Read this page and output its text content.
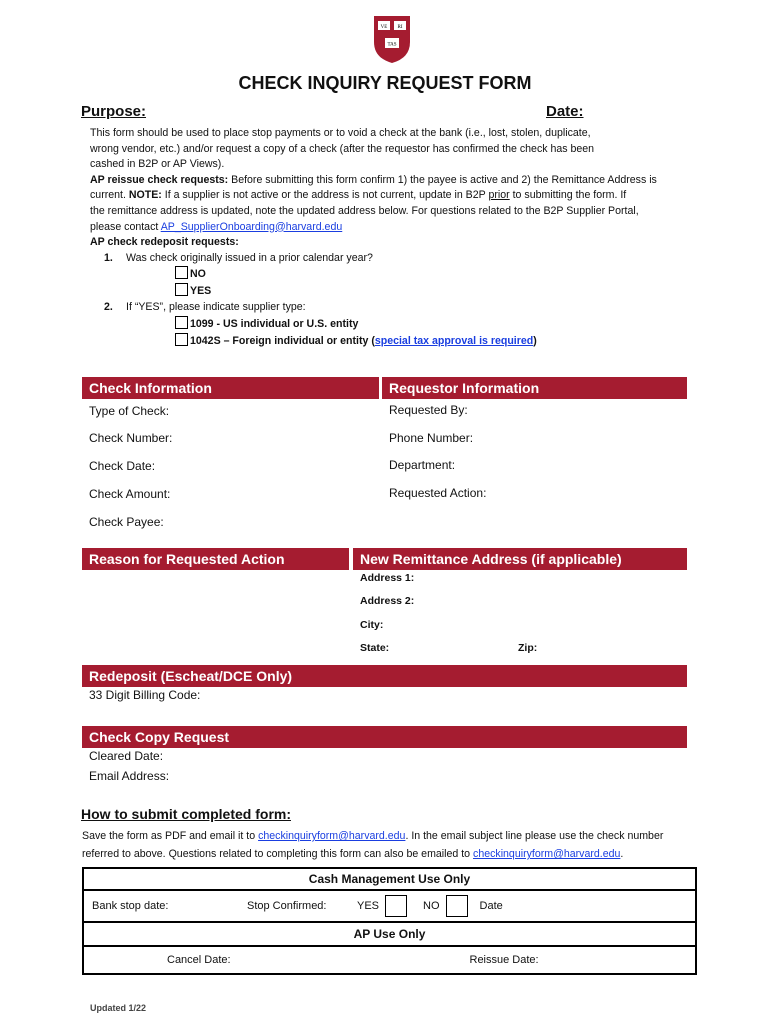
VE RI
TAS
CHECK INQUIRY REQUEST FORM
Purpose:	Date:
This form should be used to place stop payments or to void a check at the bank (i.e., lost, stolen, duplicate,
wrong vendor, etc.) and/or request a copy of a check (after the requestor has confirmed the check has been
cashed in B2P or AP Views).
AP reissue check requests: Before submitting this form confirm 1) the payee is active and 2) the Remittance Address is
current. NOTE: If a supplier is not active or the address is not current, update in B2P prior to submitting the form. If
the remittance address is updated, note the updated address below. For questions related to the B2P Supplier Portal,
please contact AP_SupplierOnboarding@harvard.edu
AP check redeposit requests:
1. Was check originally issued in a prior calendar year?
NO
YES
2. If “YES”, please indicate supplier type:
1099 - US individual or U.S. entity
1042S – Foreign individual or entity (special tax approval is required)
Check Information	Requestor Information
Type of Check:
Check Number:
Check Date:
Check Amount:
Check Payee:
Requested By:
Phone Number:
Department:
Requested Action:
Reason for Requested Action	New Remittance Address (if applicable)
Address 1:
Address 2:
City:
State:	Zip:
Redeposit (Escheat/DCE Only)
33 Digit Billing Code:
Check Copy Request
Cleared Date:
Email Address:
How to submit completed form:
Save the form as PDF and email it to checkinquiryform@harvard.edu. In the email subject line please use the check number
referred to above. Questions related to completing this form can also be emailed to checkinquiryform@harvard.edu.
Cash Management Use Only

Bank stop date:	Stop Confirmed:	YES	NO	Date

AP Use Only
Cancel Date:	Reissue Date:
Updated 1/22
